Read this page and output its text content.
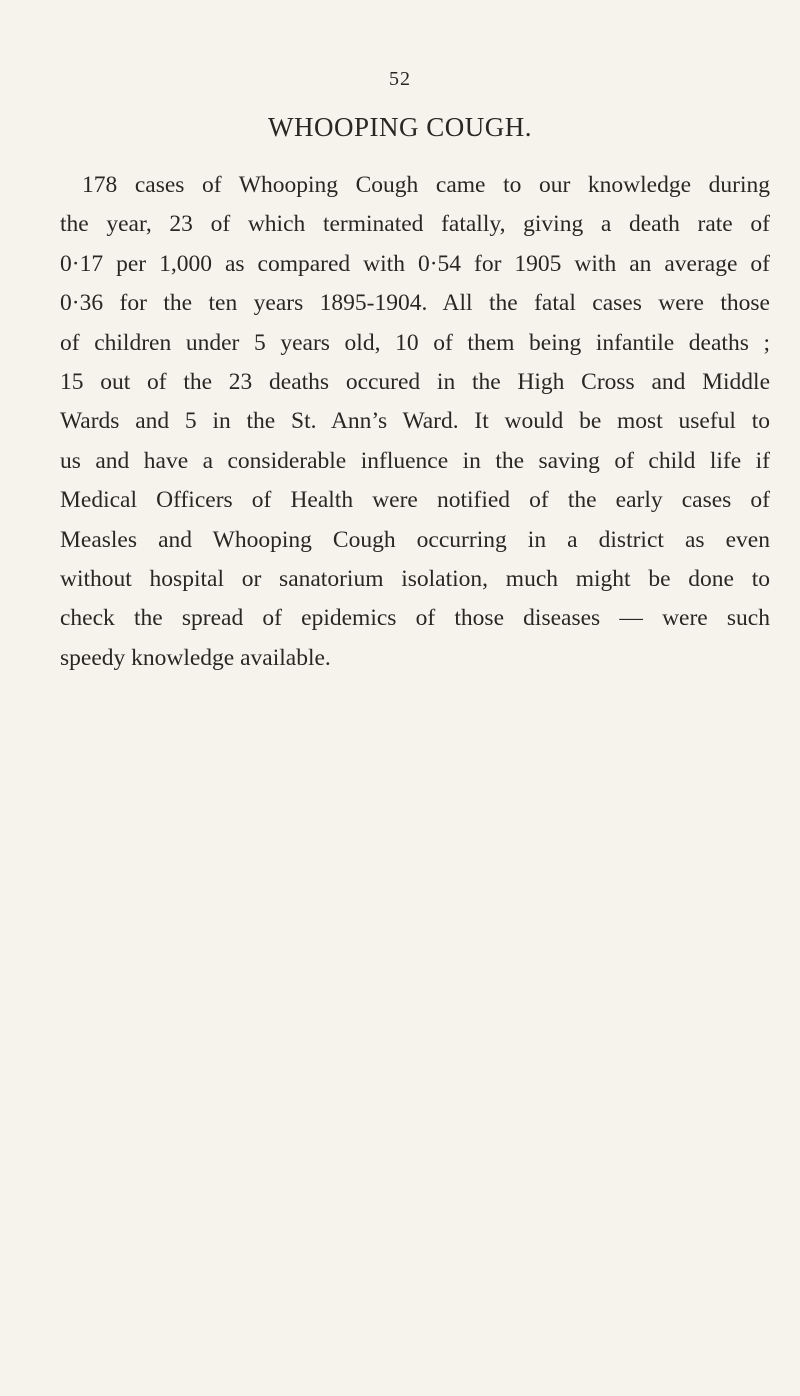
52
WHOOPING COUGH.
178 cases of Whooping Cough came to our knowledge during
the year, 23 of which terminated fatally, giving a death rate of
0·17 per 1,000 as compared with 0·54 for 1905 with an average of
0·36 for the ten years 1895-1904. All the fatal cases were those
of children under 5 years old, 10 of them being infantile deaths ;
15 out of the 23 deaths occured in the High Cross and Middle
Wards and 5 in the St. Ann’s Ward. It would be most useful to
us and have a considerable influence in the saving of child life if
Medical Officers of Health were notified of the early cases of
Measles and Whooping Cough occurring in a district as even
without hospital or sanatorium isolation, much might be done to
check the spread of epidemics of those diseases — were such
speedy knowledge available.
